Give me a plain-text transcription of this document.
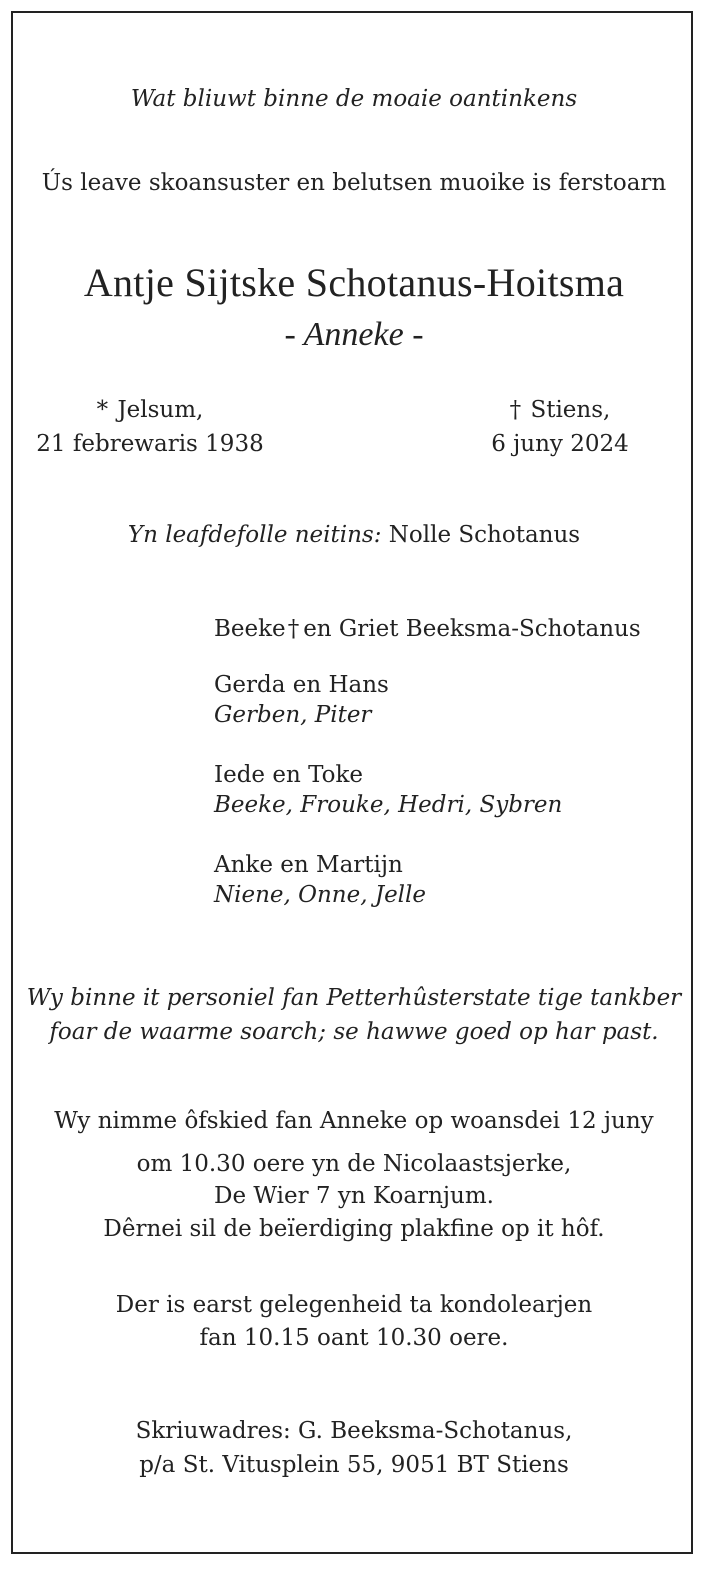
Wat bliuwt binne de moaie oantinkens
Ús leave skoansuster en belutsen muoike is ferstoarn
Antje Sijtske Schotanus-Hoitsma
- Anneke -
* Jelsum,
21 febrewaris 1938
† Stiens,
6 juny 2024
Yn leafdefolle neitins: Nolle Schotanus
Beeke† en Griet Beeksma-Schotanus
Gerda en Hans
Gerben, Piter
Iede en Toke
Beeke, Frouke, Hedri, Sybren
Anke en Martijn
Niene, Onne, Jelle
Wy binne it personiel fan Petterhûsterstate tige tankber
foar de waarme soarch; se hawwe goed op har past.
Wy nimme ôfskied fan Anneke op woansdei 12 juny
om 10.30 oere yn de Nicolaastsjerke,
De Wier 7 yn Koarnjum.
Dêrnei sil de beïerdiging plakfine op it hôf.
Der is earst gelegenheid ta kondolearjen
fan 10.15 oant 10.30 oere.
Skriuwadres: G. Beeksma-Schotanus,
p/a St. Vitusplein 55, 9051 BT Stiens
